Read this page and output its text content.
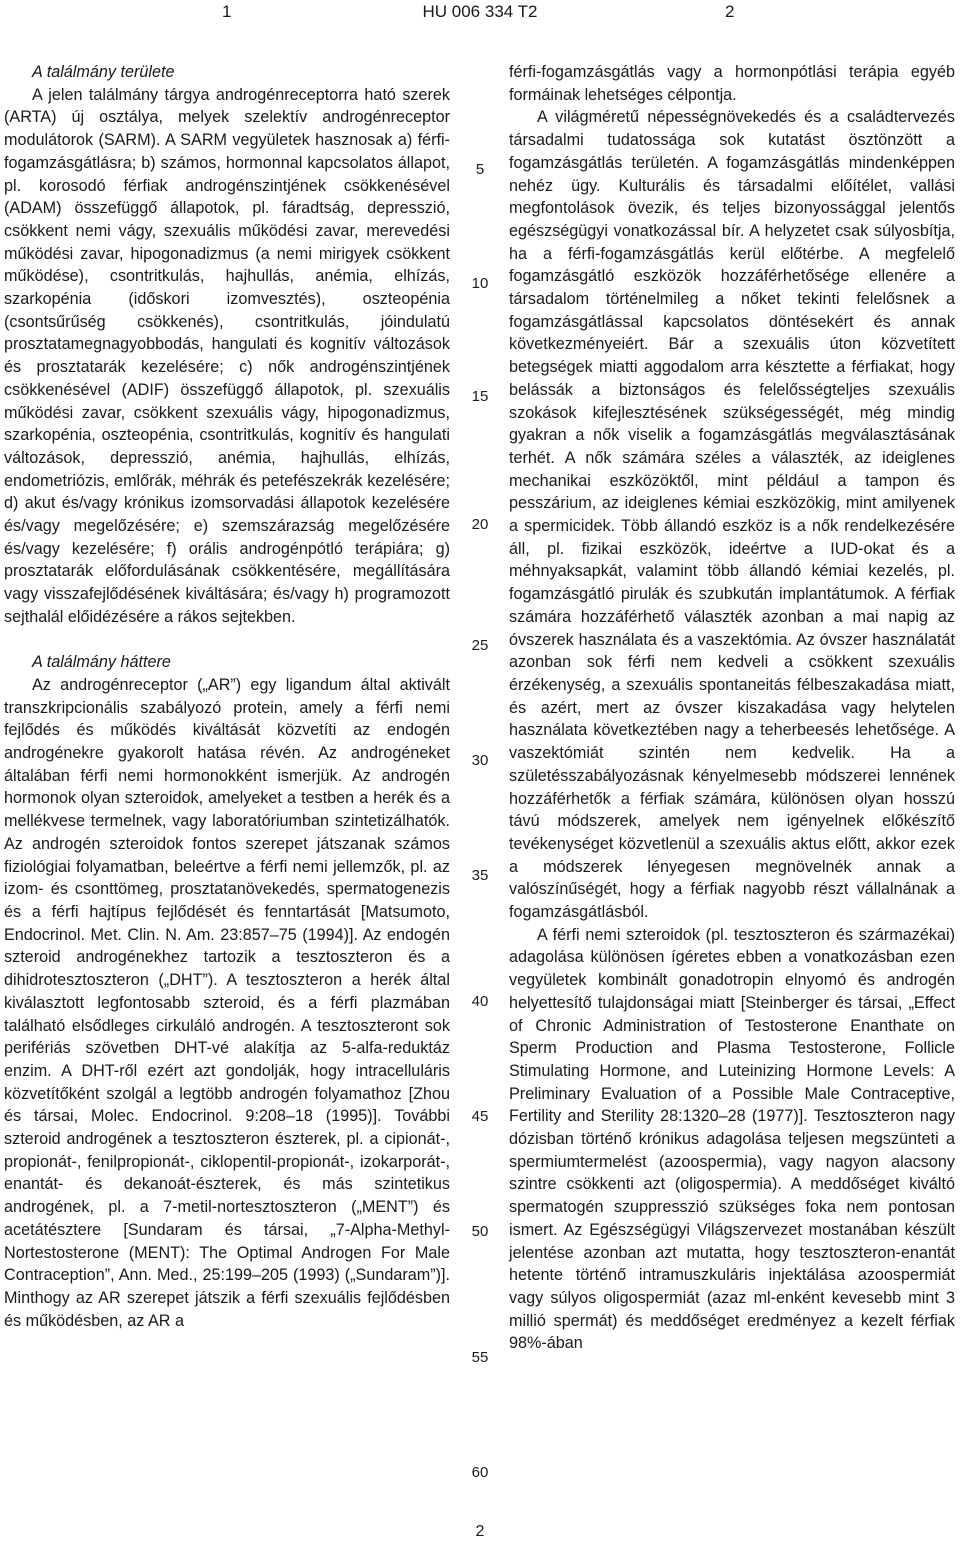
HU 006 334 T2
1	2

A találmány területe

A jelen találmány tárgya androgénreceptorra ható szerek (ARTA) új osztálya, melyek szelektív androgénreceptor modulátorok (SARM). A SARM vegyületek hasznosak a) férfi-fogamzásgátlásra; b) számos, hormonnal kapcsolatos állapot, pl. korosodó férfiak androgénszintjének csökkenésével (ADAM) összefüggő állapotok, pl. fáradtság, depresszió, csökkent nemi vágy, szexuális működési zavar, merevedési működési zavar, hipogonadizmus (a nemi mirigyek csökkent működése), csontritkulás, hajhullás, anémia, elhízás, szarkopénia (időskori izomvesztés), oszteopénia (csontsűrűség csökkenés), csontritkulás, jóindulatú prosztatamegnagyobbodás, hangulati és kognitív változások és prosztatarák kezelésére; c) nők androgénszintjének csökkenésével (ADIF) összefüggő állapotok, pl. szexuális működési zavar, csökkent szexuális vágy, hipogonadizmus, szarkopénia, oszteopénia, csontritkulás, kognitív és hangulati változások, depresszió, anémia, hajhullás, elhízás, endometriózis, emlőrák, méhrák és petefészekrák kezelésére; d) akut és/vagy krónikus izomsorvadási állapotok kezelésére és/vagy megelőzésére; e) szemszárazság megelőzésére és/vagy kezelésére; f) orális androgénpótló terápiára; g) prosztatarák előfordulásának csökkentésére, megállítására vagy visszafejlődésének kiváltására; és/vagy h) programozott sejthalál előidézésére a rákos sejtekben.

A találmány háttere

Az androgénreceptor („AR”) egy ligandum által aktivált transzkripcionális szabályozó protein, amely a férfi nemi fejlődés és működés kiváltását közvetíti az endogén androgénekre gyakorolt hatása révén. Az androgéneket általában férfi nemi hormonokként ismerjük. Az androgén hormonok olyan szteroidok, amelyeket a testben a herék és a mellékvese termelnek, vagy laboratóriumban szintetizálhatók. Az androgén szteroidok fontos szerepet játszanak számos fiziológiai folyamatban, beleértve a férfi nemi jellemzők, pl. az izom- és csonttömeg, prosztatanövekedés, spermatogenezis és a férfi hajtípus fejlődését és fenntartását [Matsumoto, Endocrinol. Met. Clin. N. Am. 23:857–75 (1994)]. Az endogén szteroid androgénekhez tartozik a tesztoszteron és a dihidrotesztoszteron („DHT”). A tesztoszteron a herék által kiválasztott legfontosabb szteroid, és a férfi plazmában található elsődleges cirkuláló androgén. A tesztoszteront sok perifériás szövetben DHT-vé alakítja az 5-alfa-reduktáz enzim. A DHT-ről ezért azt gondolják, hogy intracelluláris közvetítőként szolgál a legtöbb androgén folyamathoz [Zhou és társai, Molec. Endocrinol. 9:208–18 (1995)]. További szteroid androgének a tesztoszteron észterek, pl. a cipionát-, propionát-, fenilpropionát-, ciklopentil-propionát-, izokarporát-, enantát- és dekanoát-észterek, és más szintetikus androgének, pl. a 7-metil-nortesztoszteron („MENT”) és acetátésztere [Sundaram és társai, „7-Alpha-Methyl-Nortestosterone (MENT): The Optimal Androgen For Male Contraception”, Ann. Med., 25:199–205 (1993) („Sundaram”)]. Minthogy az AR szerepet játszik a férfi szexuális fejlődésben és működésben, az AR a

férfi-fogamzásgátlás vagy a hormonpótlási terápia egyéb formáinak lehetséges célpontja.

A világméretű népességnövekedés és a családtervezés társadalmi tudatossága sok kutatást ösztönzött a fogamzásgátlás területén. A fogamzásgátlás mindenképpen nehéz ügy. Kulturális és társadalmi előítélet, vallási megfontolások övezik, és teljes bizonyossággal jelentős egészségügyi vonatkozással bír. A helyzetet csak súlyosbítja, ha a férfi-fogamzásgátlás kerül előtérbe. A megfelelő fogamzásgátló eszközök hozzáférhetősége ellenére a társadalom történelmileg a nőket tekinti felelősnek a fogamzásgátlással kapcsolatos döntésekért és annak következményeiért. Bár a szexuális úton közvetített betegségek miatti aggodalom arra késztette a férfiakat, hogy belássák a biztonságos és felelősségteljes szexuális szokások kifejlesztésének szükségességét, még mindig gyakran a nők viselik a fogamzásgátlás megválasztásának terhét. A nők számára széles a választék, az ideiglenes mechanikai eszközöktől, mint például a tampon és pesszárium, az ideiglenes kémiai eszközökig, mint amilyenek a spermicidek. Több állandó eszköz is a nők rendelkezésére áll, pl. fizikai eszközök, ideértve a IUD-okat és a méhnyaksapkát, valamint több állandó kémiai kezelés, pl. fogamzásgátló pirulák és szubkután implantátumok. A férfiak számára hozzáférhető választék azonban a mai napig az óvszerek használata és a vaszektómia. Az óvszer használatát azonban sok férfi nem kedveli a csökkent szexuális érzékenység, a szexuális spontaneitás félbeszakadása miatt, és azért, mert az óvszer kiszakadása vagy helytelen használata következtében nagy a teherbeesés lehetősége. A vaszektómiát szintén nem kedvelik. Ha a születésszabályozásnak kényelmesebb módszerei lennének hozzáférhetők a férfiak számára, különösen olyan hosszú távú módszerek, amelyek nem igényelnek előkészítő tevékenységet közvetlenül a szexuális aktus előtt, akkor ezek a módszerek lényegesen megnövelnék annak a valószínűségét, hogy a férfiak nagyobb részt vállalnának a fogamzásgátlásból.

A férfi nemi szteroidok (pl. tesztoszteron és származékai) adagolása különösen ígéretes ebben a vonatkozásban ezen vegyületek kombinált gonadotropin elnyomó és androgén helyettesítő tulajdonságai miatt [Steinberger és társai, „Effect of Chronic Administration of Testosterone Enanthate on Sperm Production and Plasma Testosterone, Follicle Stimulating Hormone, and Luteinizing Hormone Levels: A Preliminary Evaluation of a Possible Male Contraceptive, Fertility and Sterility 28:1320–28 (1977)]. Tesztoszteron nagy dózisban történő krónikus adagolása teljesen megszünteti a spermiumtermelést (azoospermia), vagy nagyon alacsony szintre csökkenti azt (oligospermia). A meddőséget kiváltó spermatogén szuppresszió szükséges foka nem pontosan ismert. Az Egészségügyi Világszervezet mostanában készült jelentése azonban azt mutatta, hogy tesztoszteron-enantát hetente történő intramuszkuláris injektálása azoospermiát vagy súlyos oligospermiát (azaz ml-enként kevesebb mint 3 millió spermát) és meddőséget eredményez a kezelt férfiak 98%-ában

5
10
15
20
25
30
35
40
45
50
55
60
2
